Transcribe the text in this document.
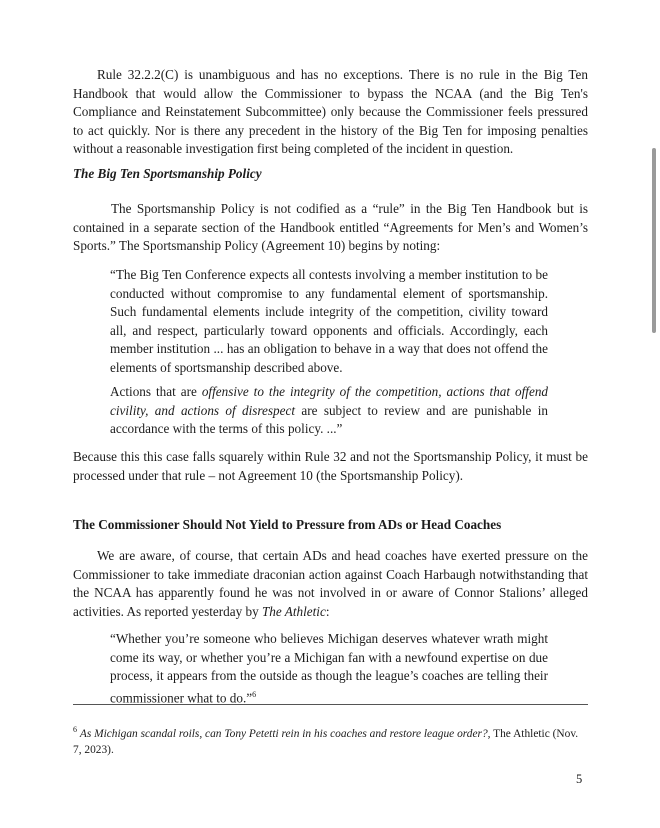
Rule 32.2.2(C) is unambiguous and has no exceptions. There is no rule in the Big Ten Handbook that would allow the Commissioner to bypass the NCAA (and the Big Ten's Compliance and Reinstatement Subcommittee) only because the Commissioner feels pressured to act quickly. Nor is there any precedent in the history of the Big Ten for imposing penalties without a reasonable investigation first being completed of the incident in question.

The Big Ten Sportsmanship Policy

The Sportsmanship Policy is not codified as a “rule” in the Big Ten Handbook but is contained in a separate section of the Handbook entitled “Agreements for Men’s and Women’s Sports.” The Sportsmanship Policy (Agreement 10) begins by noting:

“The Big Ten Conference expects all contests involving a member institution to be conducted without compromise to any fundamental element of sportsmanship. Such fundamental elements include integrity of the competition, civility toward all, and respect, particularly toward opponents and officials. Accordingly, each member institution ... has an obligation to behave in a way that does not offend the elements of sportsmanship described above.

Actions that are offensive to the integrity of the competition, actions that offend civility, and actions of disrespect are subject to review and are punishable in accordance with the terms of this policy. ...”

Because this this case falls squarely within Rule 32 and not the Sportsmanship Policy, it must be processed under that rule – not Agreement 10 (the Sportsmanship Policy).

The Commissioner Should Not Yield to Pressure from ADs or Head Coaches

We are aware, of course, that certain ADs and head coaches have exerted pressure on the Commissioner to take immediate draconian action against Coach Harbaugh notwithstanding that the NCAA has apparently found he was not involved in or aware of Connor Stalions’ alleged activities. As reported yesterday by The Athletic:

“Whether you’re someone who believes Michigan deserves whatever wrath might come its way, or whether you’re a Michigan fan with a newfound expertise on due process, it appears from the outside as though the league’s coaches are telling their commissioner what to do.”$^6$

$^6$ As Michigan scandal roils, can Tony Petetti rein in his coaches and restore league order?, The Athletic (Nov. 7, 2023).
5
